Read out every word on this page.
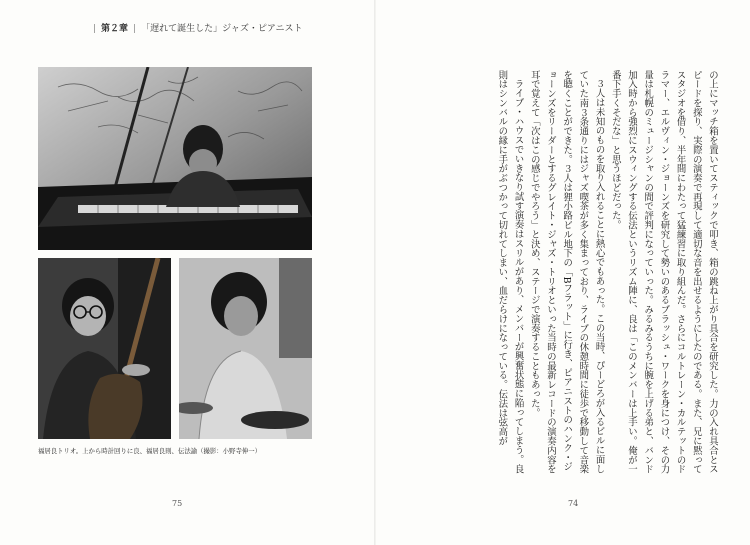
| 第２章 | 「遅れて誕生した」ジャズ・ピアニスト
福居良トリオ。上から時計回りに良、福居良則、伝法諭（撮影：小野寺伸一）
75	74

の上にマッチ箱を置いてスティックで叩き、箱の跳ね上がり具合を研究した。力の入れ具合とスピードを探り、実際の演奏で再現して適切な音を出せるようにしたのである。また、兄に黙ってスタジオを借り、半年間にわたって猛練習に取り組んだ。さらにコルトレーン・カルテットのドラマー、エルヴィン・ジョーンズを研究して勢いのあるブラッシュ・ワークを身につけ、その力量は札幌のミュージシャンの間で評判になっていった。みるみるうちに腕を上げる弟と、バンド加入時から強烈にスウィングする伝法というリズム陣に、良は「このメンバーは上手い。俺が一番下手くそだな」と思うほどだった。

３人は未知のものを取り入れることに熱心でもあった。この当時、ぴーどろが入るビルに面していた南３条通りにはジャズ喫茶が多く集まっており、ライブの休憩時間に徒歩で移動して音楽を聴くことができた。３人は狸小路ビル地下の「Bフラット」に行き、ピアニストのハンク・ジョーンズをリーダーとするグレイト・ジャズ・トリオといった当時の最新レコードの演奏内容を耳で覚えて「次はこの感じでやろう」と決め、ステージで演奏することもあった。

ライブ・ハウスでいきなり試す演奏はスリルがあり、メンバーが興奮状態に陥ってしまう。良則はシンバルの縁に手がぶつかって切れてしまい、血だらけになっている。伝法は弦高が
